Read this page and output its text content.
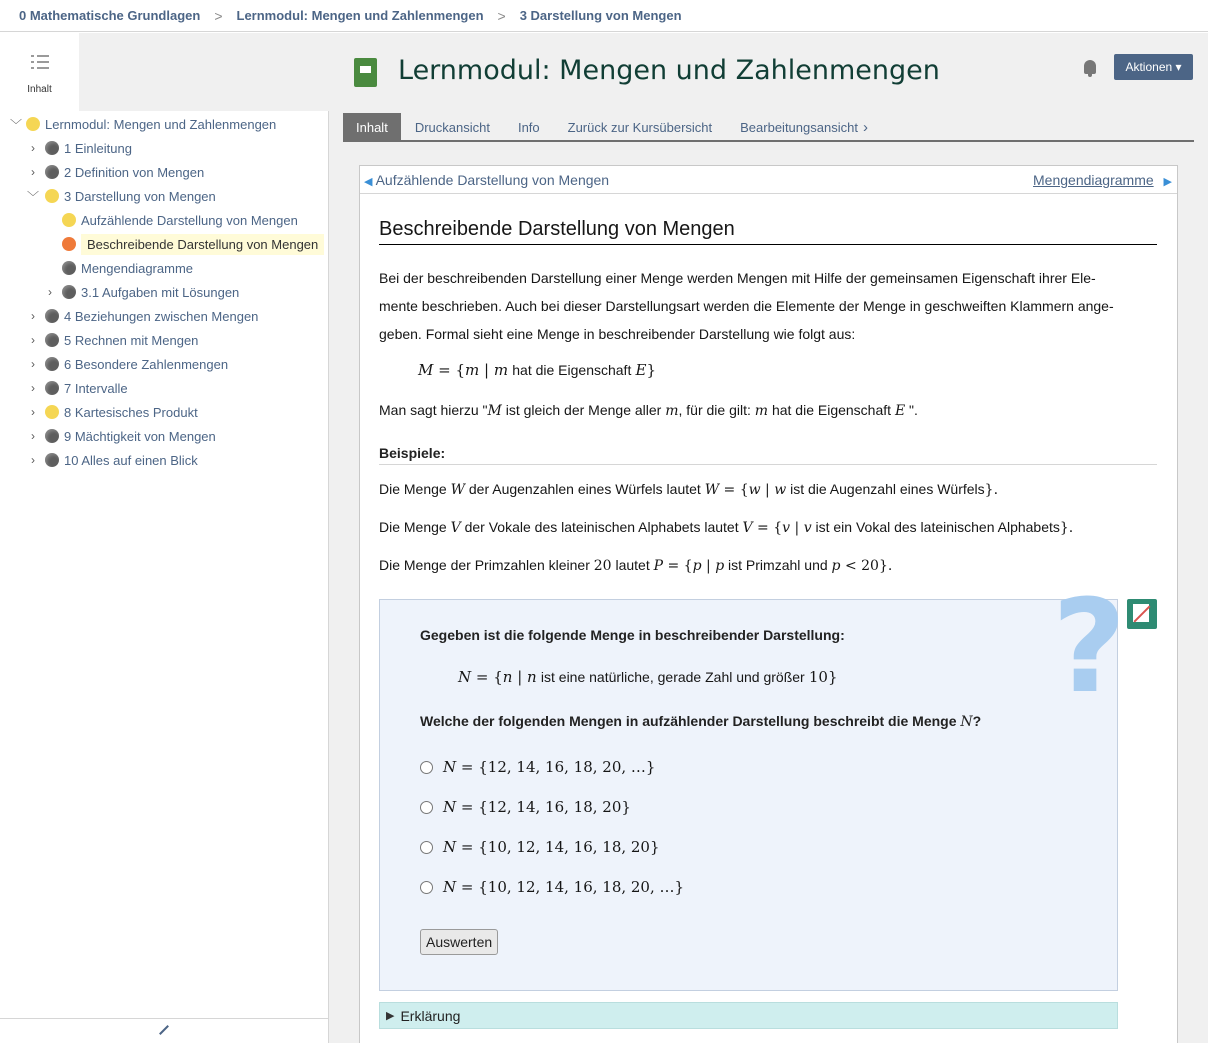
0 Mathematische Grundlagen > Lernmodul: Mengen und Zahlenmengen > 3 Darstellung von Mengen
Inhalt
﹀ Lernmodul: Mengen und Zahlenmengen
›	1 Einleitung
›	2 Definition von Mengen
﹀ 3 Darstellung von Mengen
Aufzählende Darstellung von Mengen
Beschreibende Darstellung von Mengen
Mengendiagramme
›	3.1 Aufgaben mit Lösungen
›	4 Beziehungen zwischen Mengen
›	5 Rechnen mit Mengen
›	6 Besondere Zahlenmengen
›	7 Intervalle
›	8 Kartesisches Produkt
›	9 Mächtigkeit von Mengen
›	10 Alles auf einen Blick
Lernmodul: Mengen und Zahlenmengen	Aktionen ▾
Inhalt	Druckansicht	Info	Zurück zur Kursübersicht	Bearbeitungsansicht ›
◀ Aufzählende Darstellung von Mengen	Mengendiagramme ▶
Beschreibende Darstellung von Mengen
Bei der beschreibenden Darstellung einer Menge werden Mengen mit Hilfe der gemeinsamen Eigenschaft ihrer Ele-
mente beschrieben. Auch bei dieser Darstellungsart werden die Elemente der Menge in geschweiften Klammern ange-
geben. Formal sieht eine Menge in beschreibender Darstellung wie folgt aus:
M = {m | m hat die Eigenschaft E}
Man sagt hierzu "M ist gleich der Menge aller m, für die gilt: m hat die Eigenschaft E ".
Beispiele:
Die Menge W der Augenzahlen eines Würfels lautet W = {w | w ist die Augenzahl eines Würfels}.
Die Menge V der Vokale des lateinischen Alphabets lautet V = {v | v ist ein Vokal des lateinischen Alphabets}.
Die Menge der Primzahlen kleiner 20 lautet P = {p | p ist Primzahl und p < 20}.
?
Gegeben ist die folgende Menge in beschreibender Darstellung:
N = {n | n ist eine natürliche, gerade Zahl und größer 10}
Welche der folgenden Mengen in aufzählender Darstellung beschreibt die Menge N?
N = {12, 14, 16, 18, 20, …}
N = {12, 14, 16, 18, 20}
N = {10, 12, 14, 16, 18, 20}
N = {10, 12, 14, 16, 18, 20, …}
Auswerten
▶ Erklärung
